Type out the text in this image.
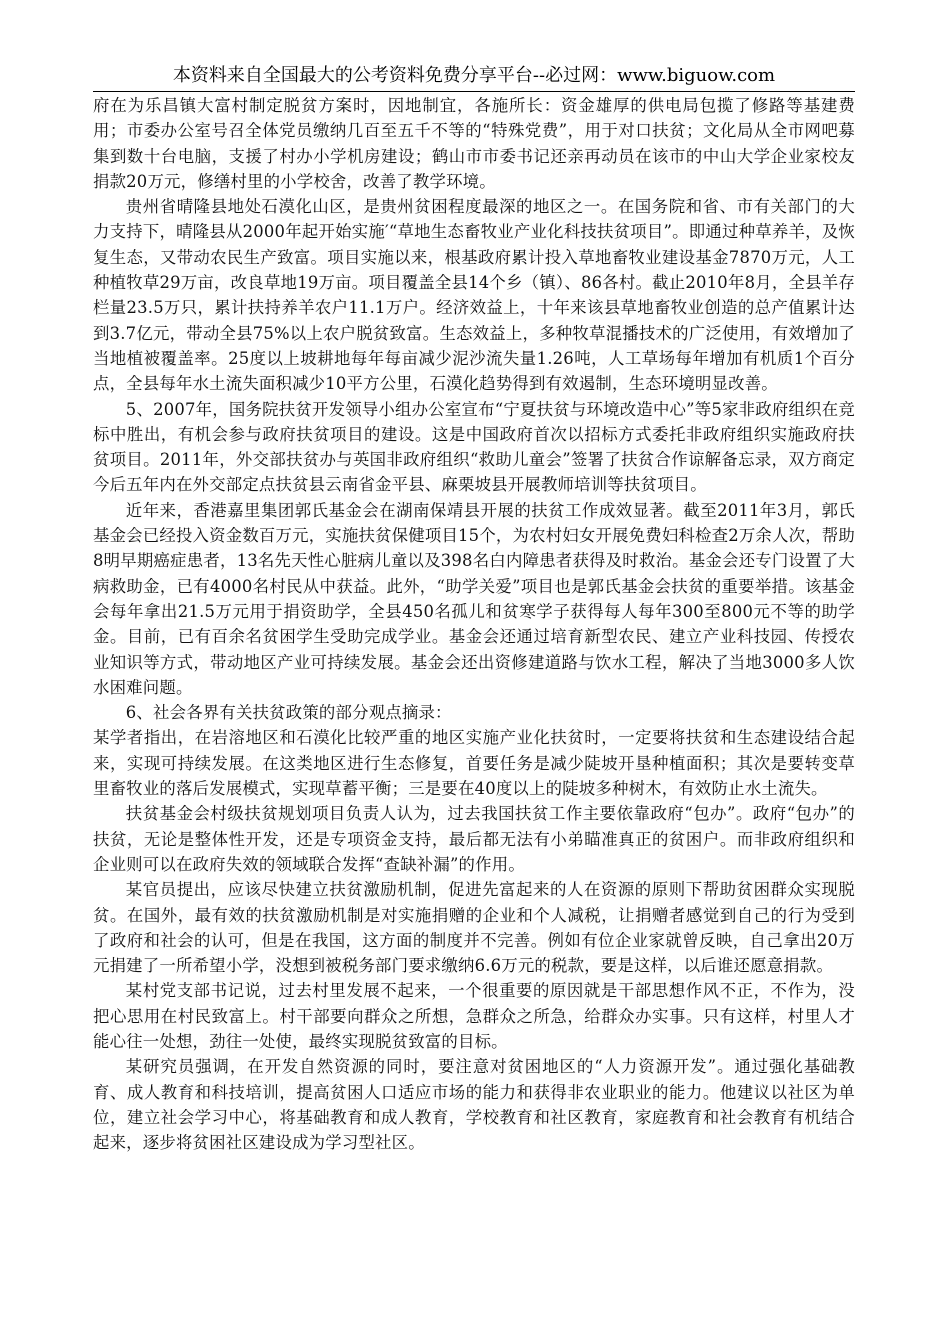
本资料来自全国最大的公考资料免费分享平台--必过网：www.biguow.com

府在为乐昌镇大富村制定脱贫方案时，因地制宜，各施所长：资金雄厚的供电局包揽了修路等基建费用；市委办公室号召全体党员缴纳几百至五千不等的“特殊党费”，用于对口扶贫；文化局从全市网吧募集到数十台电脑，支援了村办小学机房建设；鹤山市市委书记还亲再动员在该市的中山大学企业家校友捐款20万元，修缮村里的小学校舍，改善了教学环境。

贵州省晴隆县地处石漠化山区，是贵州贫困程度最深的地区之一。在国务院和省、市有关部门的大力支持下，晴隆县从2000年起开始实施′“草地生态畜牧业产业化科技扶贫项目”。即通过种草养羊，及恢复生态，又带动农民生产致富。项目实施以来，根基政府累计投入草地畜牧业建设基金7870万元，人工种植牧草29万亩，改良草地19万亩。项目覆盖全县14个乡（镇）、86各村。截止2010年8月，全县羊存栏量23.5万只，累计扶持养羊农户11.1万户。经济效益上，十年来该县草地畜牧业创造的总产值累计达到3.7亿元，带动全县75%以上农户脱贫致富。生态效益上，多种牧草混播技术的广泛使用，有效增加了当地植被覆盖率。25度以上坡耕地每年每亩减少泥沙流失量1.26吨，人工草场每年增加有机质1个百分点，全县每年水土流失面积减少10平方公里，石漠化趋势得到有效遏制，生态环境明显改善。

5、2007年，国务院扶贫开发领导小组办公室宣布“宁夏扶贫与环境改造中心”等5家非政府组织在竞标中胜出，有机会参与政府扶贫项目的建设。这是中国政府首次以招标方式委托非政府组织实施政府扶贫项目。2011年，外交部扶贫办与英国非政府组织“救助儿童会”签署了扶贫合作谅解备忘录，双方商定今后五年内在外交部定点扶贫县云南省金平县、麻栗坡县开展教师培训等扶贫项目。

近年来，香港嘉里集团郭氏基金会在湖南保靖县开展的扶贫工作成效显著。截至2011年3月，郭氏基金会已经投入资金数百万元，实施扶贫保健项目15个，为农村妇女开展免费妇科检查2万余人次，帮助8明早期癌症患者，13名先天性心脏病儿童以及398名白内障患者获得及时救治。基金会还专门设置了大病救助金，已有4000名村民从中获益。此外，“助学关爱”项目也是郭氏基金会扶贫的重要举措。该基金会每年拿出21.5万元用于捐资助学，全县450名孤儿和贫寒学子获得每人每年300至800元不等的助学金。目前，已有百余名贫困学生受助完成学业。基金会还通过培育新型农民、建立产业科技园、传授农业知识等方式，带动地区产业可持续发展。基金会还出资修建道路与饮水工程，解决了当地3000多人饮水困难问题。

6、社会各界有关扶贫政策的部分观点摘录：

某学者指出，在岩溶地区和石漠化比较严重的地区实施产业化扶贫时，一定要将扶贫和生态建设结合起来，实现可持续发展。在这类地区进行生态修复，首要任务是减少陡坡开垦种植面积；其次是要转变草里畜牧业的落后发展模式，实现草蓄平衡；三是要在40度以上的陡坡多种树木，有效防止水土流失。

扶贫基金会村级扶贫规划项目负责人认为，过去我国扶贫工作主要依靠政府“包办”。政府“包办”的扶贫，无论是整体性开发，还是专项资金支持，最后都无法有小弟瞄准真正的贫困户。而非政府组织和企业则可以在政府失效的领域联合发挥“查缺补漏”的作用。

某官员提出，应该尽快建立扶贫激励机制，促进先富起来的人在资源的原则下帮助贫困群众实现脱贫。在国外，最有效的扶贫激励机制是对实施捐赠的企业和个人减税，让捐赠者感觉到自己的行为受到了政府和社会的认可，但是在我国，这方面的制度并不完善。例如有位企业家就曾反映，自己拿出20万元捐建了一所希望小学，没想到被税务部门要求缴纳6.6万元的税款，要是这样，以后谁还愿意捐款。

某村党支部书记说，过去村里发展不起来，一个很重要的原因就是干部思想作风不正，不作为，没把心思用在村民致富上。村干部要向群众之所想，急群众之所急，给群众办实事。只有这样，村里人才能心往一处想，劲往一处使，最终实现脱贫致富的目标。

某研究员强调，在开发自然资源的同时，要注意对贫困地区的“人力资源开发”。通过强化基础教育、成人教育和科技培训，提高贫困人口适应市场的能力和获得非农业职业的能力。他建议以社区为单位，建立社会学习中心，将基础教育和成人教育，学校教育和社区教育，家庭教育和社会教育有机结合起来，逐步将贫困社区建设成为学习型社区。
